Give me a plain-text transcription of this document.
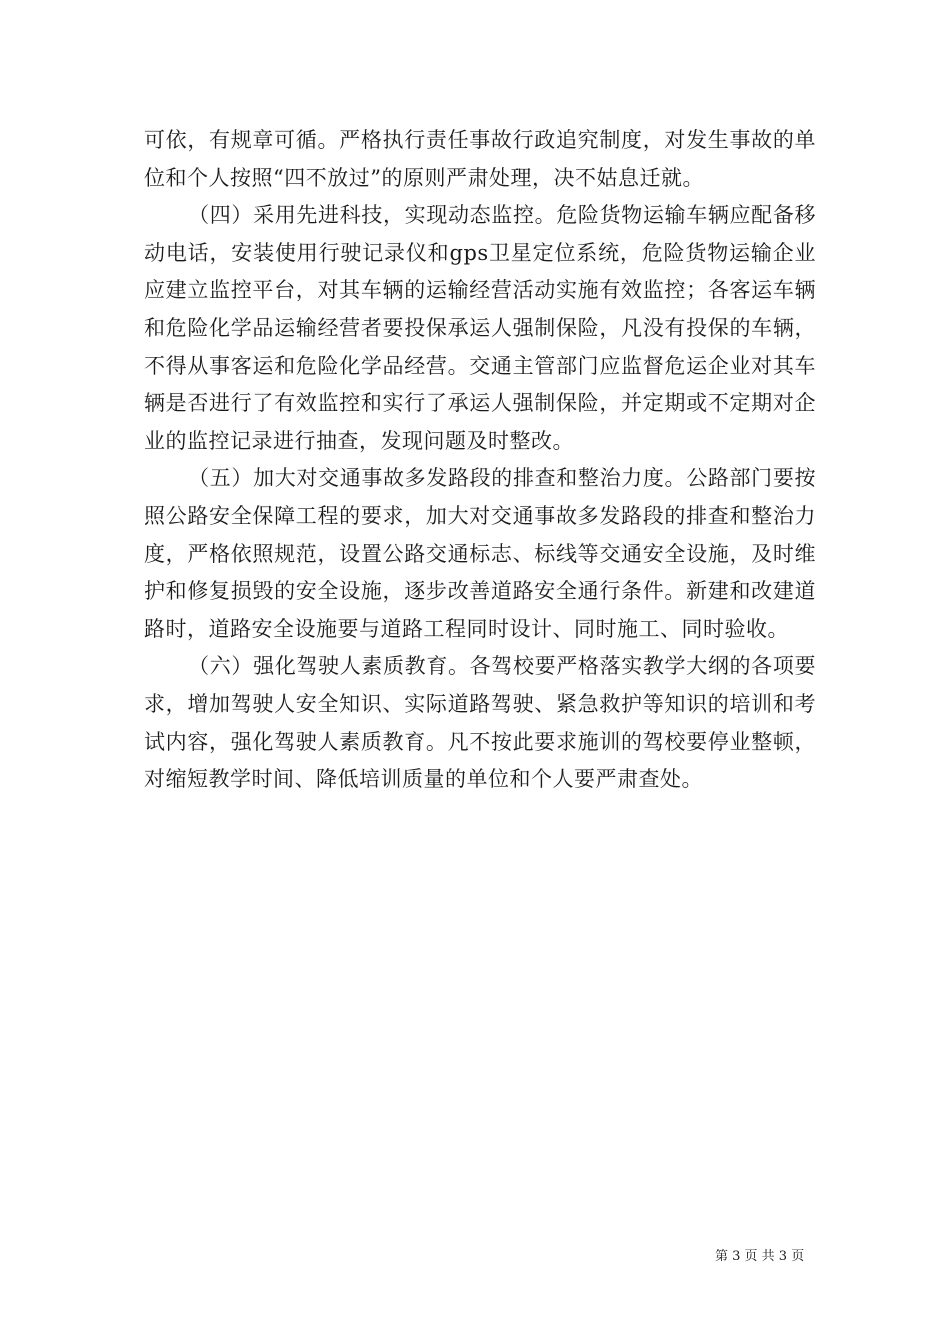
可依，有规章可循。严格执行责任事故行政追究制度，对发生事故的单位和个人按照“四不放过”的原则严肃处理，决不姑息迁就。

（四）采用先进科技，实现动态监控。危险货物运输车辆应配备移动电话，安装使用行驶记录仪和gps卫星定位系统，危险货物运输企业应建立监控平台，对其车辆的运输经营活动实施有效监控；各客运车辆和危险化学品运输经营者要投保承运人强制保险，凡没有投保的车辆，不得从事客运和危险化学品经营。交通主管部门应监督危运企业对其车辆是否进行了有效监控和实行了承运人强制保险，并定期或不定期对企业的监控记录进行抽查，发现问题及时整改。

（五）加大对交通事故多发路段的排查和整治力度。公路部门要按照公路安全保障工程的要求，加大对交通事故多发路段的排查和整治力度，严格依照规范，设置公路交通标志、标线等交通安全设施，及时维护和修复损毁的安全设施，逐步改善道路安全通行条件。新建和改建道路时，道路安全设施要与道路工程同时设计、同时施工、同时验收。

（六）强化驾驶人素质教育。各驾校要严格落实教学大纲的各项要求，增加驾驶人安全知识、实际道路驾驶、紧急救护等知识的培训和考试内容，强化驾驶人素质教育。凡不按此要求施训的驾校要停业整顿，对缩短教学时间、降低培训质量的单位和个人要严肃查处。

第 3 页 共 3 页
